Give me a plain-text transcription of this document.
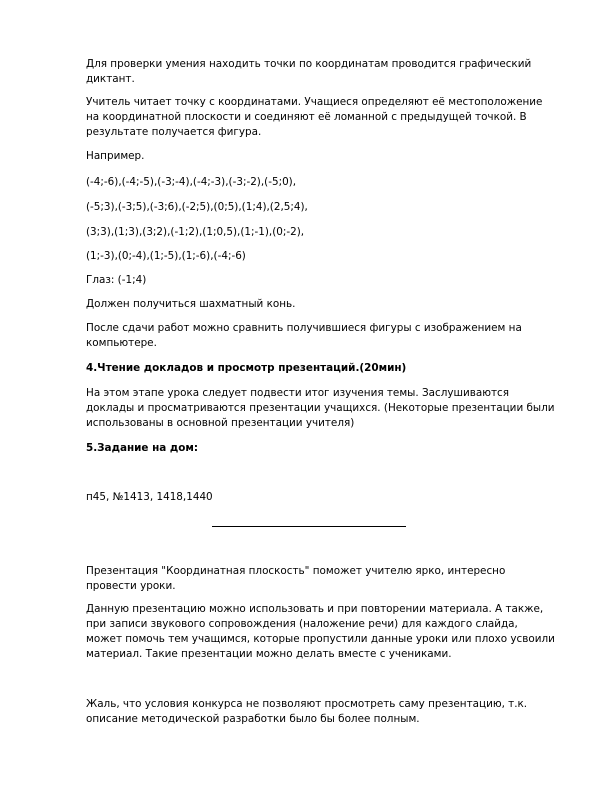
Для проверки умения находить точки по координатам проводится графический диктант.

Учитель читает точку с координатами. Учащиеся определяют её местоположение на координатной плоскости и соединяют её ломанной с предыдущей точкой. В результате получается фигура.

Например.

(-4;-6),(-4;-5),(-3;-4),(-4;-3),(-3;-2),(-5;0),

(-5;3),(-3;5),(-3;6),(-2;5),(0;5),(1;4),(2,5;4),

(3;3),(1;3),(3;2),(-1;2),(1;0,5),(1;-1),(0;-2),

(1;-3),(0;-4),(1;-5),(1;-6),(-4;-6)

Глаз: (-1;4)

Должен получиться шахматный конь.

После сдачи работ можно сравнить получившиеся фигуры с изображением на компьютере.

4.Чтение докладов и просмотр презентаций.(20мин)

На этом этапе урока следует подвести итог изучения темы. Заслушиваются доклады и просматриваются презентации учащихся. (Некоторые презентации были использованы в основной презентации учителя)

5.Задание на дом:

п45, №1413, 1418,1440

Презентация "Координатная плоскость" поможет учителю ярко, интересно провести уроки.

Данную презентацию можно использовать и при повторении материала. А также, при записи звукового сопровождения (наложение речи) для каждого слайда, может помочь тем учащимся, которые пропустили данные уроки или плохо усвоили материал. Такие презентации можно делать вместе с учениками.

Жаль, что условия конкурса не позволяют просмотреть саму презентацию, т.к. описание методической разработки было бы более полным.
